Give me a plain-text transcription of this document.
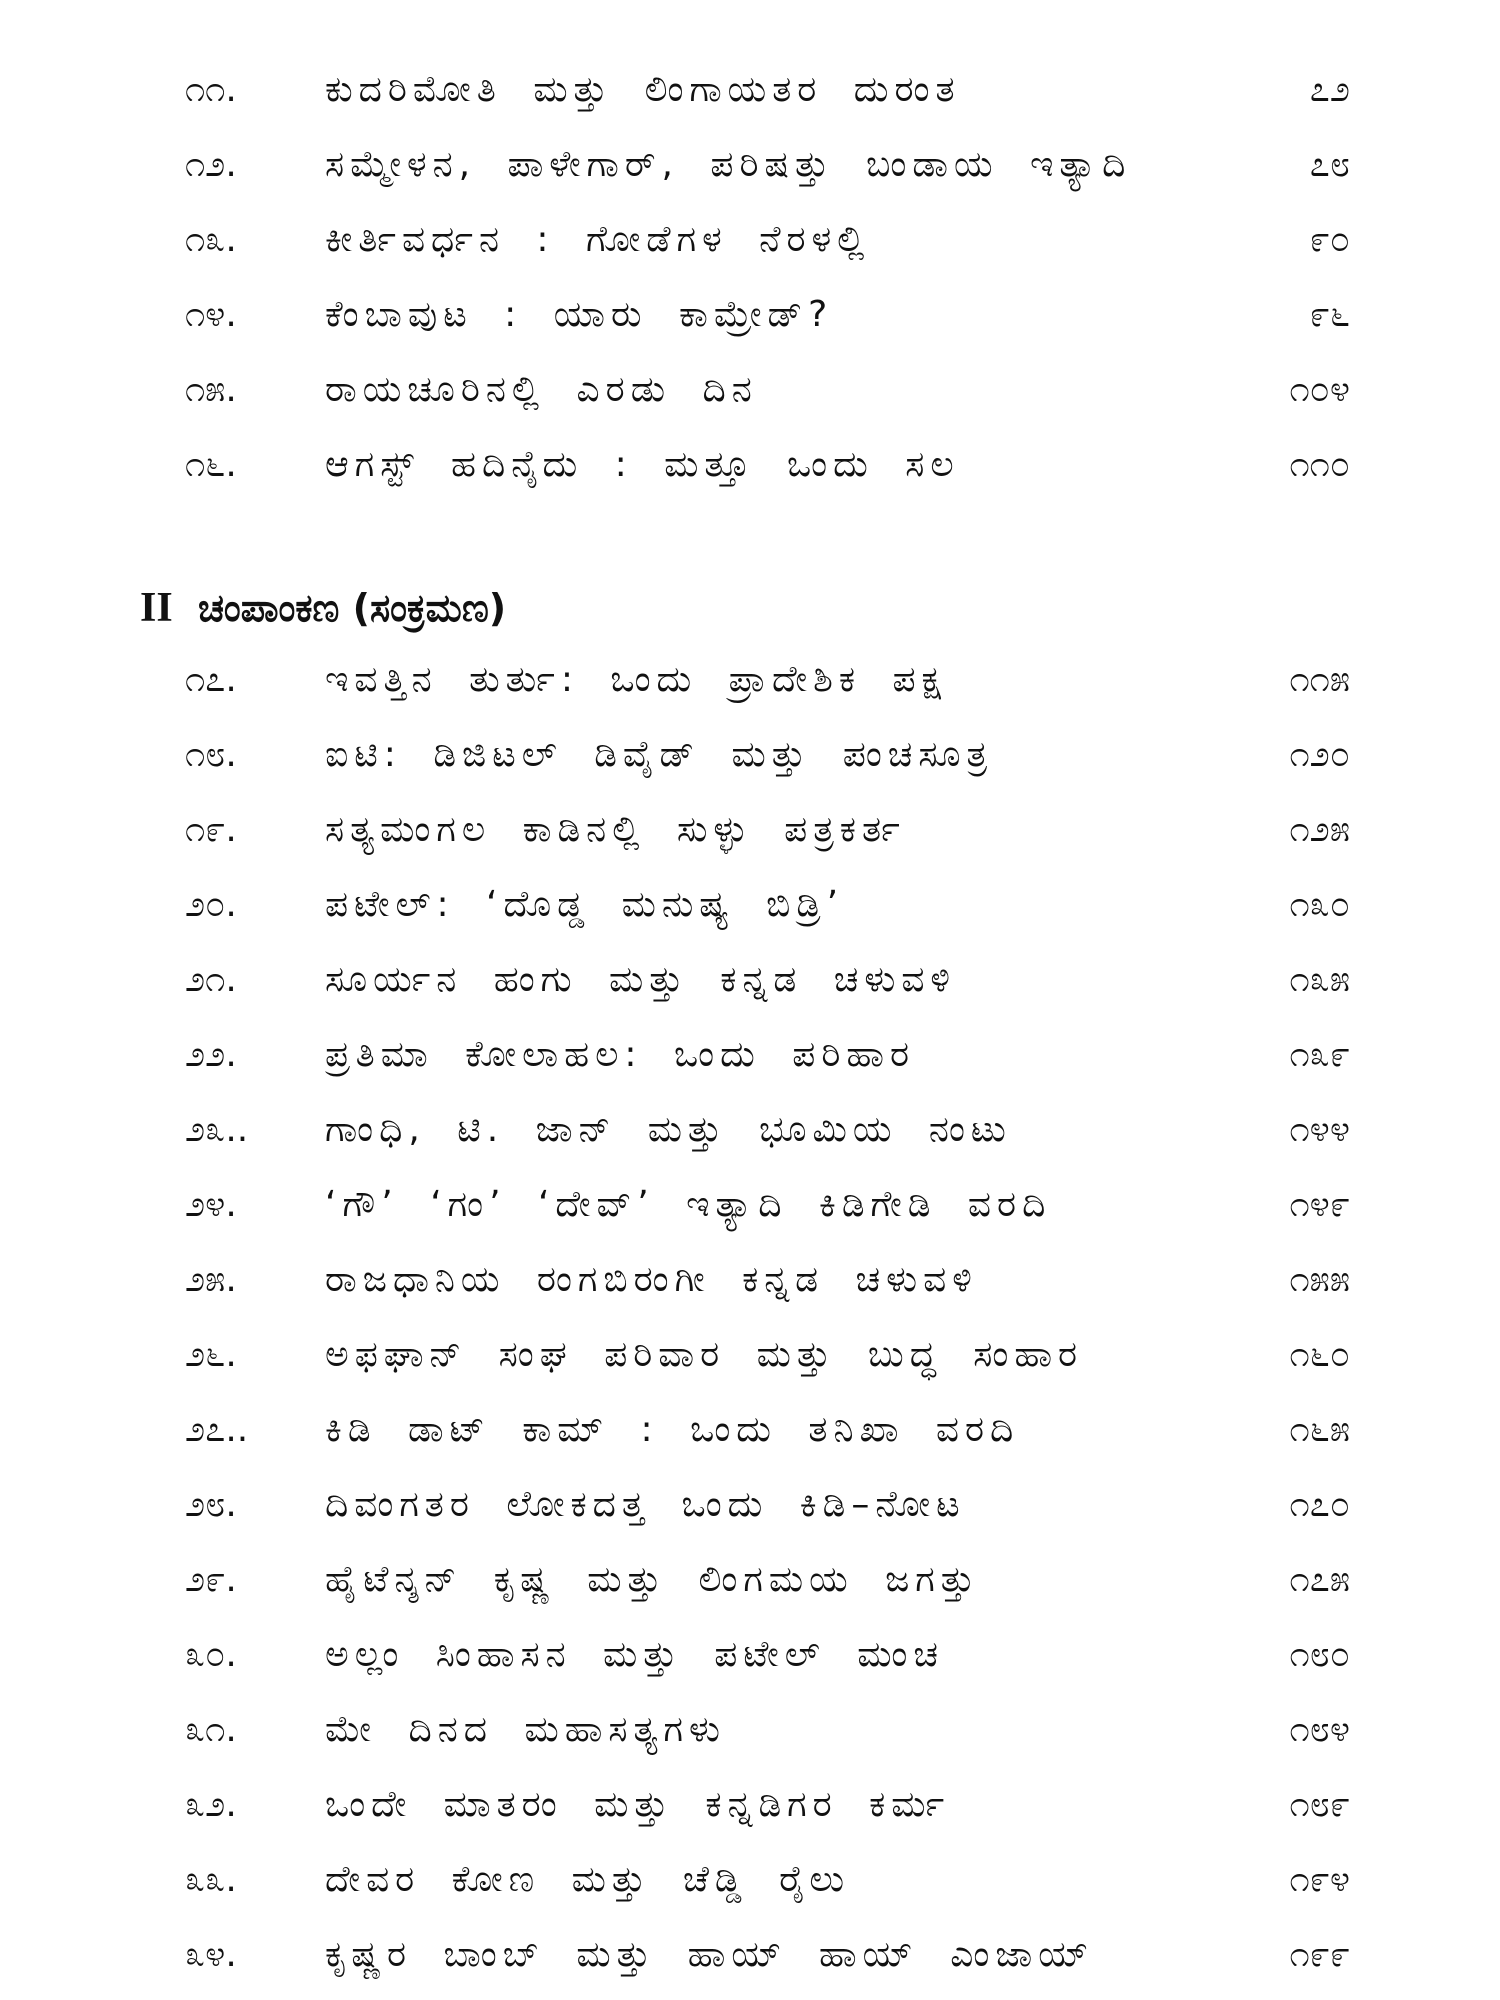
೧೧.	ಕುದರಿಮೋತಿ ಮತ್ತು ಲಿಂಗಾಯತರ ದುರಂತ	೭೨
೧೨.	ಸಮ್ಮೇಳನ, ಪಾಳೇಗಾರ್, ಪರಿಷತ್ತು ಬಂಡಾಯ ಇತ್ಯಾದಿ	೭೮
೧೩.	ಕೀರ್ತಿವರ್ಧನ : ಗೋಡೆಗಳ ನೆರಳಲ್ಲಿ	೯೦
೧೪.	ಕೆಂಬಾವುಟ : ಯಾರು ಕಾಮ್ರೇಡ್?	೯೬
೧೫.	ರಾಯಚೂರಿನಲ್ಲಿ ಎರಡು ದಿನ	೧೦೪
೧೬.	ಆಗಸ್ಟ್ ಹದಿನೈದು : ಮತ್ತೂ ಒಂದು ಸಲ	೧೧೦
II ಚಂಪಾಂಕಣ (ಸಂಕ್ರಮಣ)
೧೭.	ಇವತ್ತಿನ ತುರ್ತು: ಒಂದು ಪ್ರಾದೇಶಿಕ ಪಕ್ಷ	೧೧೫
೧೮.	ಐಟಿ: ಡಿಜಿಟಲ್ ಡಿವೈಡ್ ಮತ್ತು ಪಂಚಸೂತ್ರ	೧೨೦
೧೯.	ಸತ್ಯಮಂಗಲ ಕಾಡಿನಲ್ಲಿ ಸುಳ್ಳು ಪತ್ರಕರ್ತ	೧೨೫
೨೦.	ಪಟೇಲ್: ‘ದೊಡ್ಡ ಮನುಷ್ಯ ಬಿಡ್ರಿ’	೧೩೦
೨೧.	ಸೂರ್ಯನ ಹಂಗು ಮತ್ತು ಕನ್ನಡ ಚಳುವಳಿ	೧೩೫
೨೨.	ಪ್ರತಿಮಾ ಕೋಲಾಹಲ: ಒಂದು ಪರಿಹಾರ	೧೩೯
೨೩..	ಗಾಂಧಿ, ಟಿ. ಜಾನ್ ಮತ್ತು ಭೂಮಿಯ ನಂಟು	೧೪೪
೨೪.	‘ಗೌ’ ‘ಗಂ’ ‘ದೇವ್’ ಇತ್ಯಾದಿ ಕಿಡಿಗೇಡಿ ವರದಿ	೧೪೯
೨೫.	ರಾಜಧಾನಿಯ ರಂಗಬಿರಂಗೀ ಕನ್ನಡ ಚಳುವಳಿ	೧೫೫
೨೬.	ಅಫಘಾನ್ ಸಂಘ ಪರಿವಾರ ಮತ್ತು ಬುದ್ಧ ಸಂಹಾರ	೧೬೦
೨೭..	ಕಿಡಿ ಡಾಟ್ ಕಾಮ್ : ಒಂದು ತನಿಖಾ ವರದಿ	೧೬೫
೨೮.	ದಿವಂಗತರ ಲೋಕದತ್ತ ಒಂದು ಕಿಡಿ–ನೋಟ	೧೭೦
೨೯.	ಹೈಟೆನ್ಶನ್ ಕೃಷ್ಣ ಮತ್ತು ಲಿಂಗಮಯ ಜಗತ್ತು	೧೭೫
೩೦.	ಅಲ್ಲಂ ಸಿಂಹಾಸನ ಮತ್ತು ಪಟೇಲ್ ಮಂಚ	೧೮೦
೩೧.	ಮೇ ದಿನದ ಮಹಾಸತ್ಯಗಳು	೧೮೪
೩೨.	ಒಂದೇ ಮಾತರಂ ಮತ್ತು ಕನ್ನಡಿಗರ ಕರ್ಮ	೧೮೯
೩೩.	ದೇವರ ಕೋಣ ಮತ್ತು ಚೆಡ್ಡಿ ರೈಲು	೧೯೪
೩೪.	ಕೃಷ್ಣರ ಬಾಂಬ್ ಮತ್ತು ಹಾಯ್ ಹಾಯ್ ಎಂಜಾಯ್	೧೯೯
